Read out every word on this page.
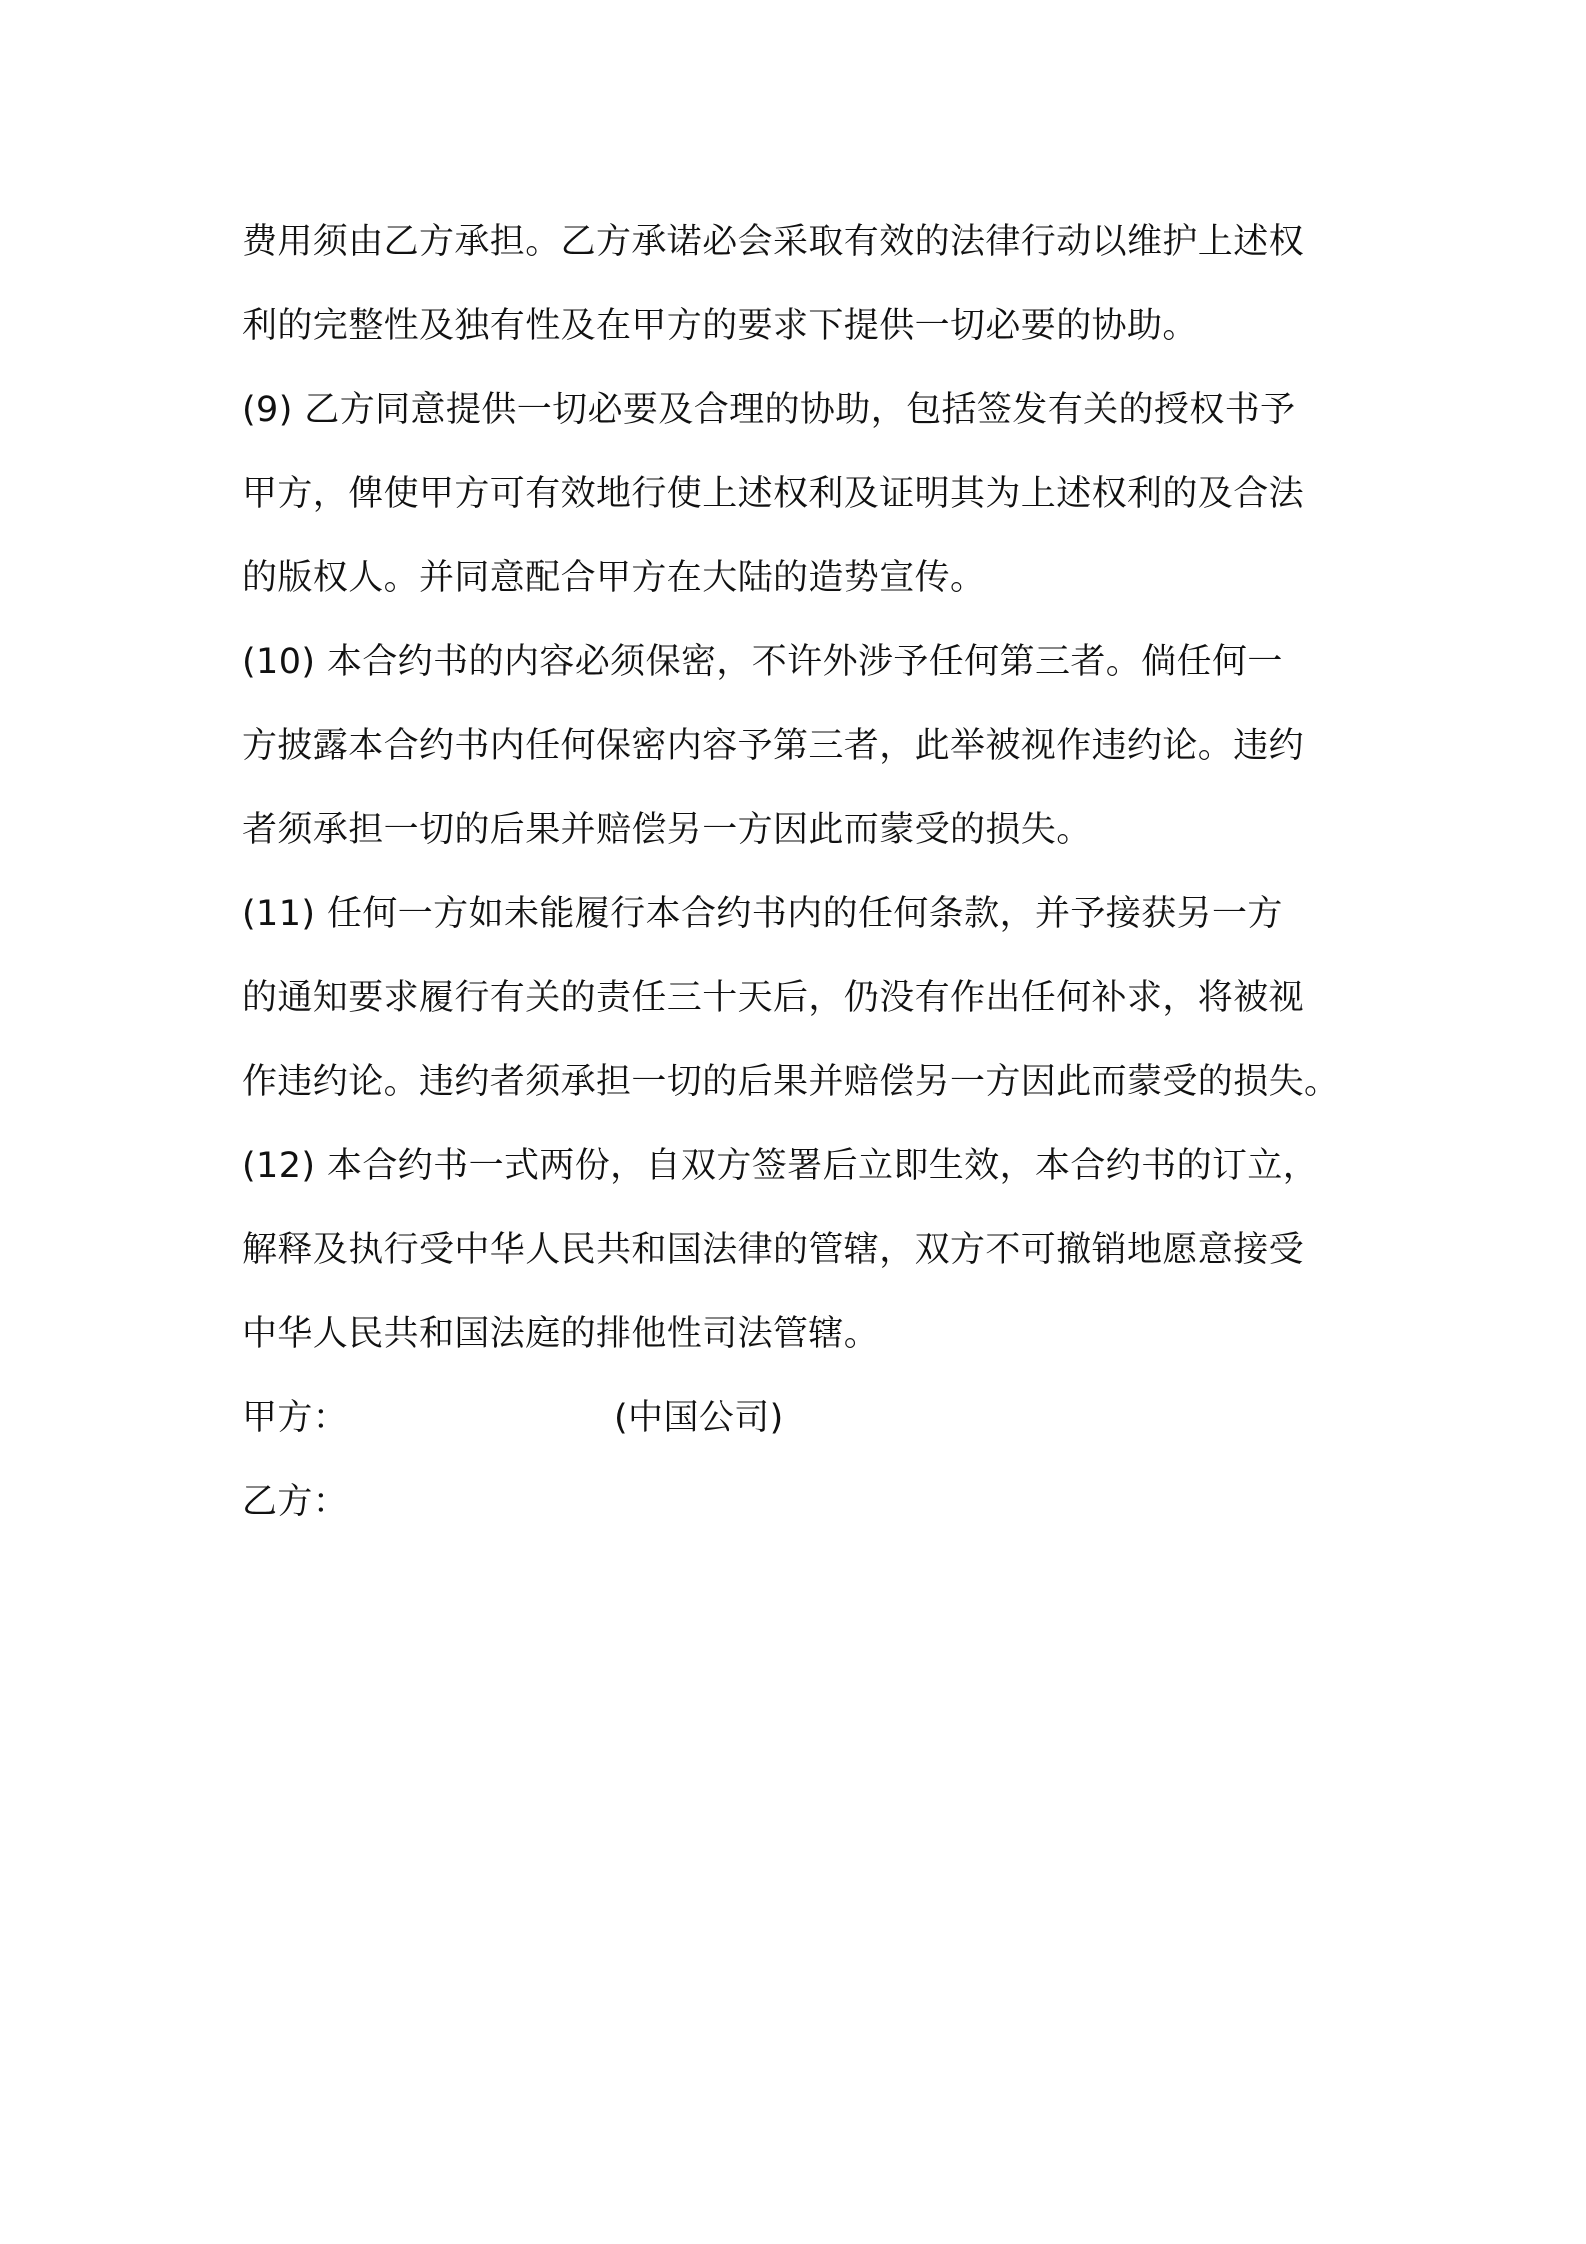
费用须由乙方承担。乙方承诺必会采取有效的法律行动以维护上述权
利的完整性及独有性及在甲方的要求下提供一切必要的协助。
(9) 乙方同意提供一切必要及合理的协助，包括签发有关的授权书予
甲方，俾使甲方可有效地行使上述权利及证明其为上述权利的及合法
的版权人。并同意配合甲方在大陆的造势宣传。
(10) 本合约书的内容必须保密，不许外涉予任何第三者。倘任何一
方披露本合约书内任何保密内容予第三者，此举被视作违约论。违约
者须承担一切的后果并赔偿另一方因此而蒙受的损失。
(11) 任何一方如未能履行本合约书内的任何条款，并予接获另一方
的通知要求履行有关的责任三十天后，仍没有作出任何补求，将被视
作违约论。违约者须承担一切的后果并赔偿另一方因此而蒙受的损失。
(12) 本合约书一式两份，自双方签署后立即生效，本合约书的订立，
解释及执行受中华人民共和国法律的管辖，双方不可撤销地愿意接受
中华人民共和国法庭的排他性司法管辖。
甲方：	(中国公司)
乙方：
